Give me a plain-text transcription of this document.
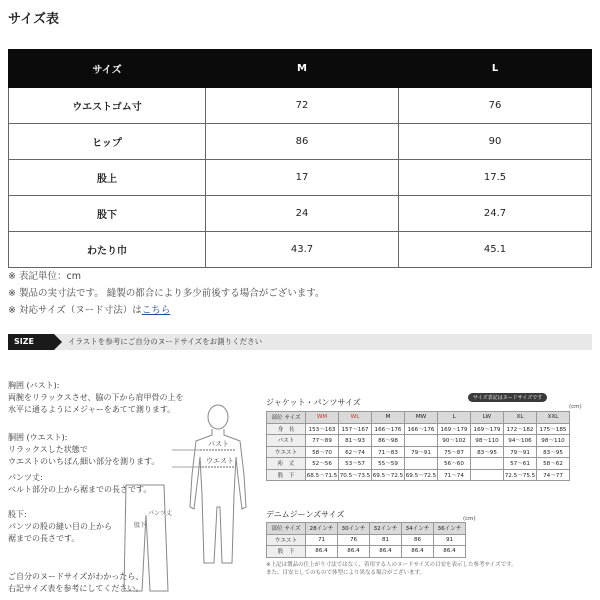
サイズ表
サイズ	M	L
ウエストゴム寸	72	76
ヒップ	86	90
股上	17	17.5
股下	24	24.7
わたり巾	43.7	45.1
※ 表記単位：cm
※ 製品の実寸法です。 縫製の都合により多少前後する場合がございます。
※ 対応サイズ（ヌード寸法）はこちら
SIZE	イラストを参考にご自分のヌードサイズをお測りください
胸囲 (バスト):
両腕をリラックスさせ、脇の下から肩甲骨の上を
水平に通るようにメジャーをあてて測ります。
胴囲 (ウエスト):
リラックスした状態で
ウエストのいちばん細い部分を測ります。
パンツ丈:
ベルト部分の上から裾までの長さです。
股下:
パンツの股の縫い目の上から
裾までの長さです。
ご自分のヌードサイズがわかったら、
右記サイズ表を参考にしてください。
バスト
ウエスト
股下
パンツ丈
ジャケット・パンツサイズ	サイズ表記はヌードサイズです
(cm)
部位 サイズ	WM	WL	M	MW	L	LW	XL	XXL
身　長	153〜163	157〜167	166〜176	166〜176	169〜179	169〜179	172〜182	175〜185
バスト	77〜89	81〜93	86〜98		90〜102	98〜110	94〜106	98〜110
ウエスト	58〜70	62〜74	71〜83	79〜91	75〜87	83〜95	79〜91	83〜95
裄　丈	52〜56	53〜57	55〜59		56〜60		57〜61	58〜62
股　下	68.5〜71.5	70.5〜73.5	69.5〜72.5	69.5〜72.5	71〜74		72.5〜75.5	74〜77
デニムジーンズサイズ	(cm)
部位 サイズ	28インチ	30インチ	32インチ	34インチ	36インチ
ウエスト	71	76	81	86	91
股　下	86.4	86.4	86.4	86.4	86.4
※上記は製品の仕上がり寸法ではなく、着用する人のヌードサイズの目安を表示した参考サイズです。
また、目安としてのもので体型により異なる場合がございます。
